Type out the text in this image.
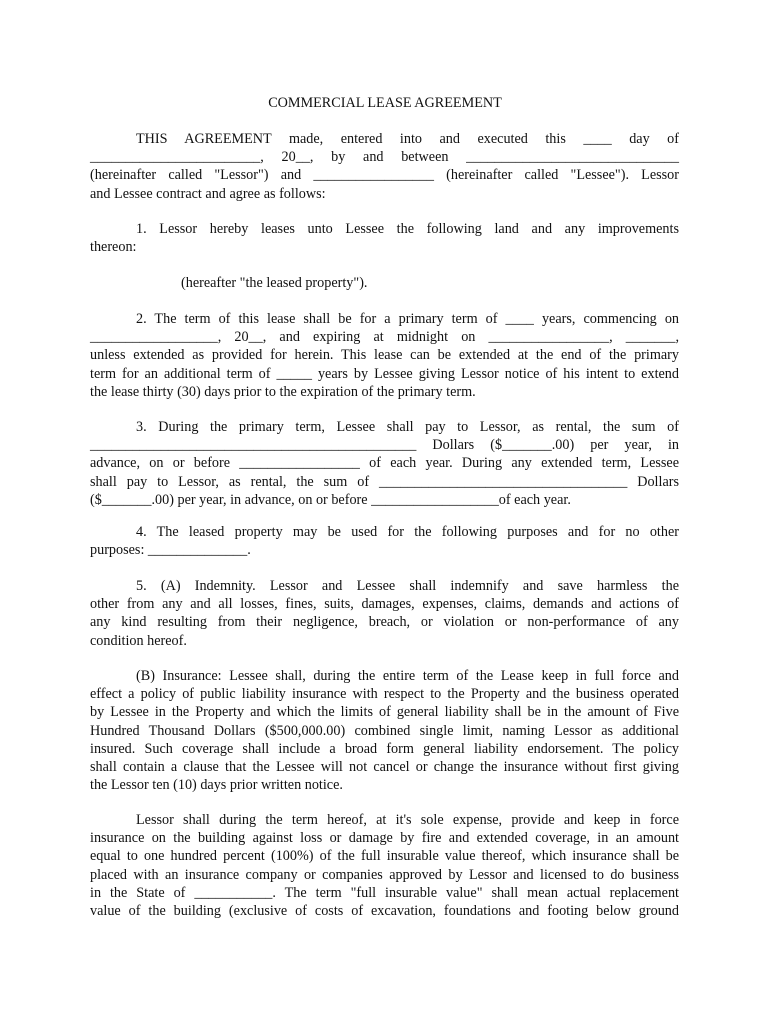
COMMERCIAL LEASE AGREEMENT
THIS AGREEMENT made, entered into and executed this ____ day of
________________________, 20__, by and between ______________________________
(hereinafter called "Lessor") and _________________ (hereinafter called "Lessee"). Lessor
and Lessee contract and agree as follows:
1. Lessor hereby leases unto Lessee the following land and any improvements
thereon:
(hereafter "the leased property").
2. The term of this lease shall be for a primary term of ____ years, commencing on
__________________, 20__, and expiring at midnight on _________________, _______,
unless extended as provided for herein. This lease can be extended at the end of the primary
term for an additional term of _____ years by Lessee giving Lessor notice of his intent to extend
the lease thirty (30) days prior to the expiration of the primary term.
3. During the primary term, Lessee shall pay to Lessor, as rental, the sum of
______________________________________________ Dollars ($_______.00) per year, in
advance, on or before _________________ of each year. During any extended term, Lessee
shall pay to Lessor, as rental, the sum of ___________________________________ Dollars
($_______.00) per year, in advance, on or before __________________of each year.
4. The leased property may be used for the following purposes and for no other
purposes: ______________.
5. (A) Indemnity. Lessor and Lessee shall indemnify and save harmless the
other from any and all losses, fines, suits, damages, expenses, claims, demands and actions of
any kind resulting from their negligence, breach, or violation or non-performance of any
condition hereof.
(B) Insurance: Lessee shall, during the entire term of the Lease keep in full force and
effect a policy of public liability insurance with respect to the Property and the business operated
by Lessee in the Property and which the limits of general liability shall be in the amount of Five
Hundred Thousand Dollars ($500,000.00) combined single limit, naming Lessor as additional
insured. Such coverage shall include a broad form general liability endorsement. The policy
shall contain a clause that the Lessee will not cancel or change the insurance without first giving
the Lessor ten (10) days prior written notice.
Lessor shall during the term hereof, at it's sole expense, provide and keep in force
insurance on the building against loss or damage by fire and extended coverage, in an amount
equal to one hundred percent (100%) of the full insurable value thereof, which insurance shall be
placed with an insurance company or companies approved by Lessor and licensed to do business
in the State of ___________. The term "full insurable value" shall mean actual replacement
value of the building (exclusive of costs of excavation, foundations and footing below ground
